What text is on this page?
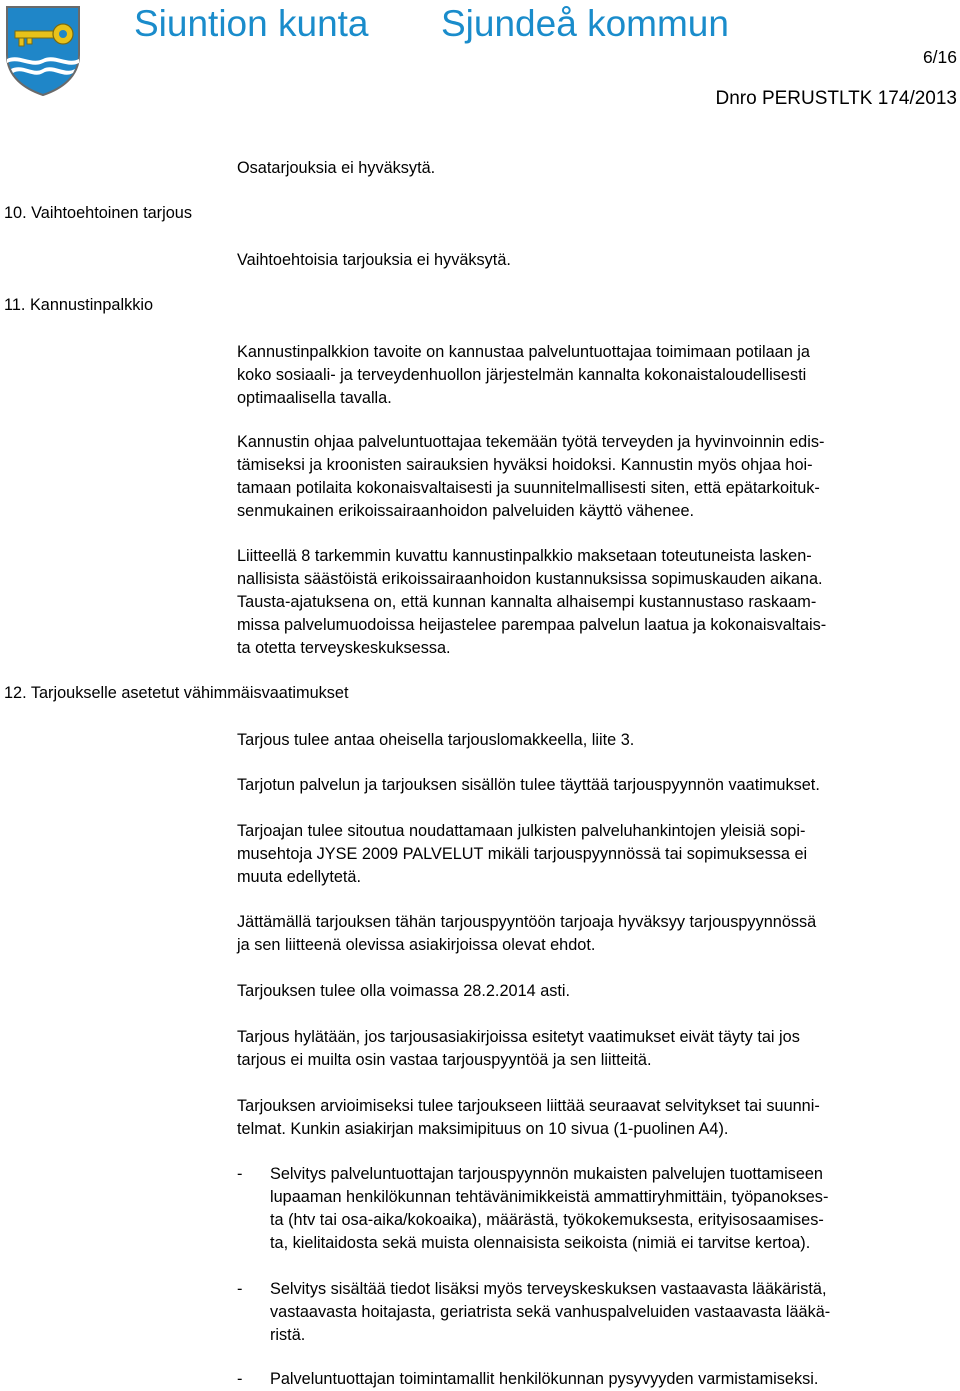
Siuntion kunta Sjundeå kommun
6/16
Dnro PERUSTLTK 174/2013
Osatarjouksia ei hyväksytä.
10. Vaihtoehtoinen tarjous
Vaihtoehtoisia tarjouksia ei hyväksytä.
11. Kannustinpalkkio
Kannustinpalkkion tavoite on kannustaa palveluntuottajaa toimimaan potilaan ja
koko sosiaali- ja terveydenhuollon järjestelmän kannalta kokonaistaloudellisesti
optimaalisella tavalla.
Kannustin ohjaa palveluntuottajaa tekemään työtä terveyden ja hyvinvoinnin edis-
tämiseksi ja kroonisten sairauksien hyväksi hoidoksi. Kannustin myös ohjaa hoi-
tamaan potilaita kokonaisvaltaisesti ja suunnitelmallisesti siten, että epätarkoituk-
senmukainen erikoissairaanhoidon palveluiden käyttö vähenee.
Liitteellä 8 tarkemmin kuvattu kannustinpalkkio maksetaan toteutuneista lasken-
nallisista säästöistä erikoissairaanhoidon kustannuksissa sopimuskauden aikana.
Tausta-ajatuksena on, että kunnan kannalta alhaisempi kustannustaso raskaam-
missa palvelumuodoissa heijastelee parempaa palvelun laatua ja kokonaisvaltais-
ta otetta terveyskeskuksessa.
12. Tarjoukselle asetetut vähimmäisvaatimukset
Tarjous tulee antaa oheisella tarjouslomakkeella, liite 3.
Tarjotun palvelun ja tarjouksen sisällön tulee täyttää tarjouspyynnön vaatimukset.
Tarjoajan tulee sitoutua noudattamaan julkisten palveluhankintojen yleisiä sopi-
musehtoja JYSE 2009 PALVELUT mikäli tarjouspyynnössä tai sopimuksessa ei
muuta edellytetä.
Jättämällä tarjouksen tähän tarjouspyyntöön tarjoaja hyväksyy tarjouspyynnössä
ja sen liitteenä olevissa asiakirjoissa olevat ehdot.
Tarjouksen tulee olla voimassa 28.2.2014 asti.
Tarjous hylätään, jos tarjousasiakirjoissa esitetyt vaatimukset eivät täyty tai jos
tarjous ei muilta osin vastaa tarjouspyyntöä ja sen liitteitä.
Tarjouksen arvioimiseksi tulee tarjoukseen liittää seuraavat selvitykset tai suunni-
telmat. Kunkin asiakirjan maksimipituus on 10 sivua (1-puolinen A4).
- Selvitys palveluntuottajan tarjouspyynnön mukaisten palvelujen tuottamiseen
lupaaman henkilökunnan tehtävänimikkeistä ammattiryhmittäin, työpanokses-
ta (htv tai osa-aika/kokoaika), määrästä, työkokemuksesta, erityisosaamises-
ta, kielitaidosta sekä muista olennaisista seikoista (nimiä ei tarvitse kertoa).
- Selvitys sisältää tiedot lisäksi myös terveyskeskuksen vastaavasta lääkäristä,
vastaavasta hoitajasta, geriatrista sekä vanhuspalveluiden vastaavasta lääkä-
ristä.
- Palveluntuottajan toimintamallit henkilökunnan pysyvyyden varmistamiseksi.
